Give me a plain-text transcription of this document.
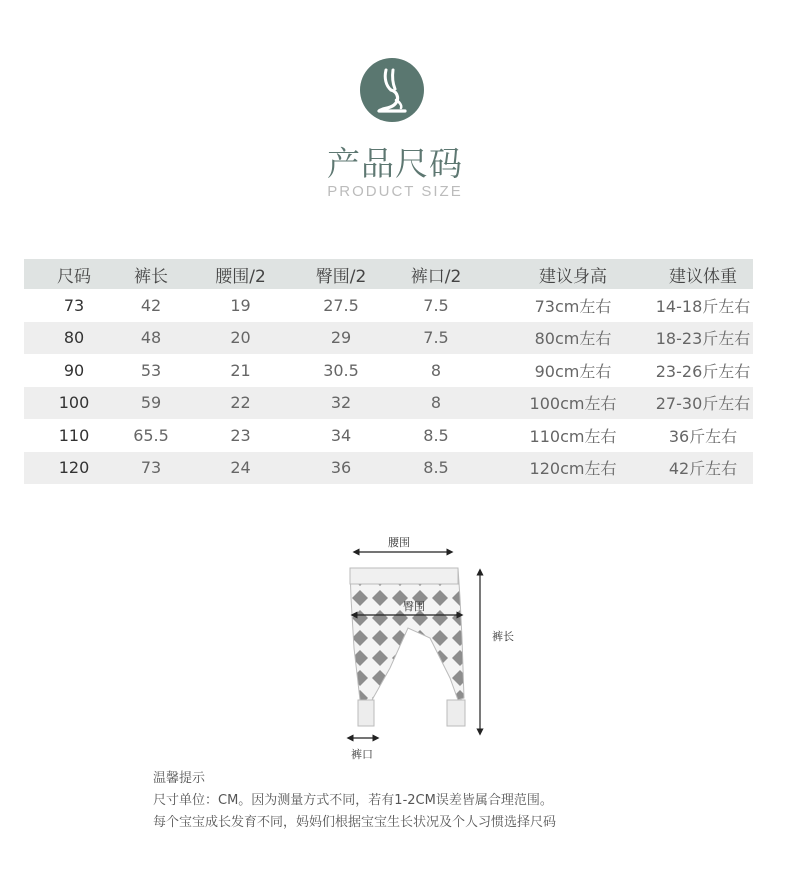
产品尺码
PRODUCT SIZE
尺码	裤长	腰围/2	臀围/2	裤口/2	建议身高	建议体重
73	42	19	27.5	7.5	73cm左右	14-18斤左右
80	48	20	29	7.5	80cm左右	18-23斤左右
90	53	21	30.5	8	90cm左右	23-26斤左右
100	59	22	32	8	100cm左右	27-30斤左右
110	65.5	23	34	8.5	110cm左右	36斤左右
120	73	24	36	8.5	120cm左右	42斤左右
腰围
臀围
裤长
裤口
温馨提示
尺寸单位：CM。因为测量方式不同，若有1-2CM误差皆属合理范围。
每个宝宝成长发育不同，妈妈们根据宝宝生长状况及个人习惯选择尺码
